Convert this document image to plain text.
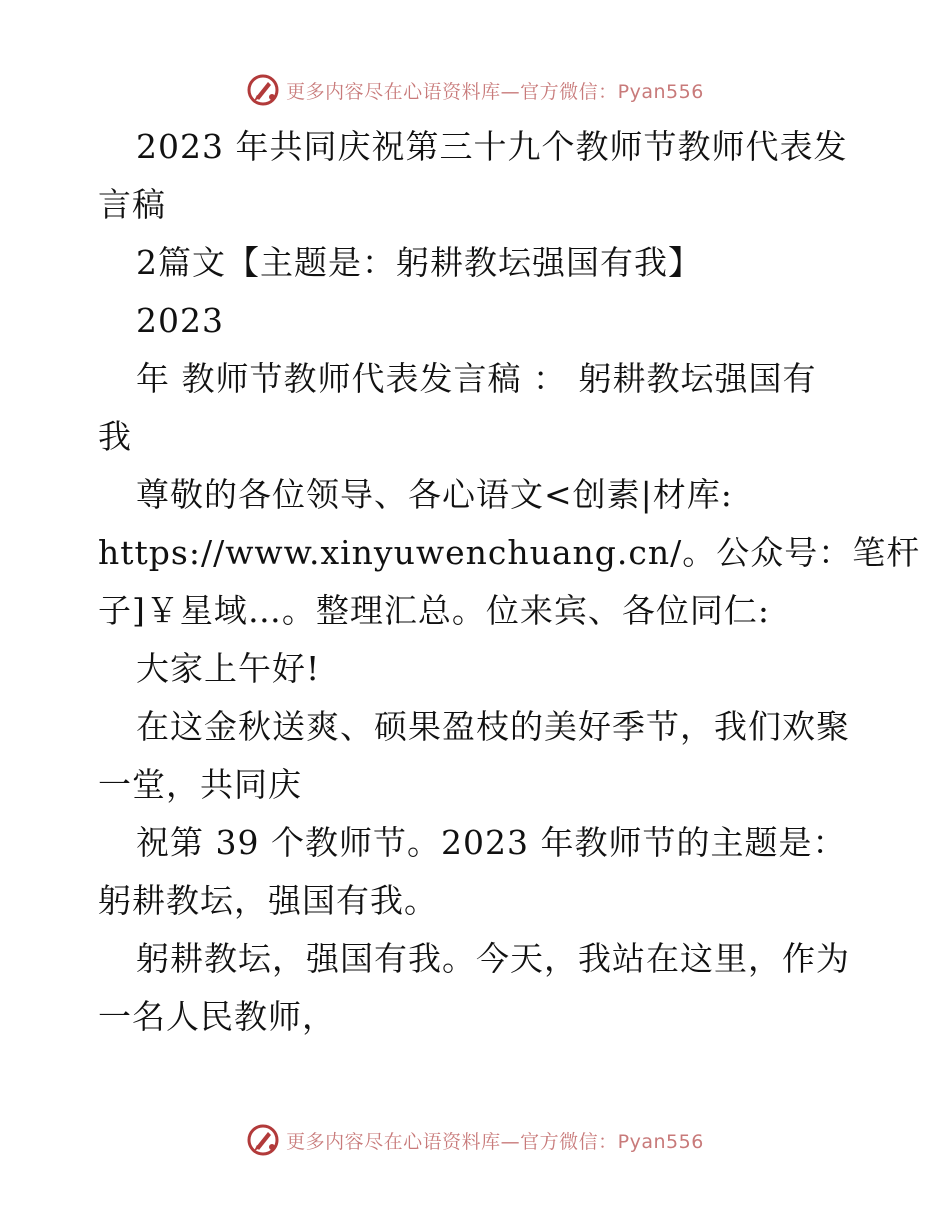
更多内容尽在心语资料库—官方微信：Pyan556
2023 年共同庆祝第三十九个教师节教师代表发
言稿
2篇文【主题是：躬耕教坛强国有我】
2023
年 教师节教师代表发言稿 ： 躬耕教坛强国有
我
尊敬的各位领导、各心语文<创素|材库:
https://www.xinyuwenchuang.cn/。公众号：笔杆
子]￥星域…。整理汇总。位来宾、各位同仁:
大家上午好!
在这金秋送爽、硕果盈枝的美好季节，我们欢聚
一堂，共同庆
祝第 39 个教师节。2023 年教师节的主题是：
躬耕教坛，强国有我。
躬耕教坛，强国有我。今天，我站在这里，作为
一名人民教师，
更多内容尽在心语资料库—官方微信：Pyan556
